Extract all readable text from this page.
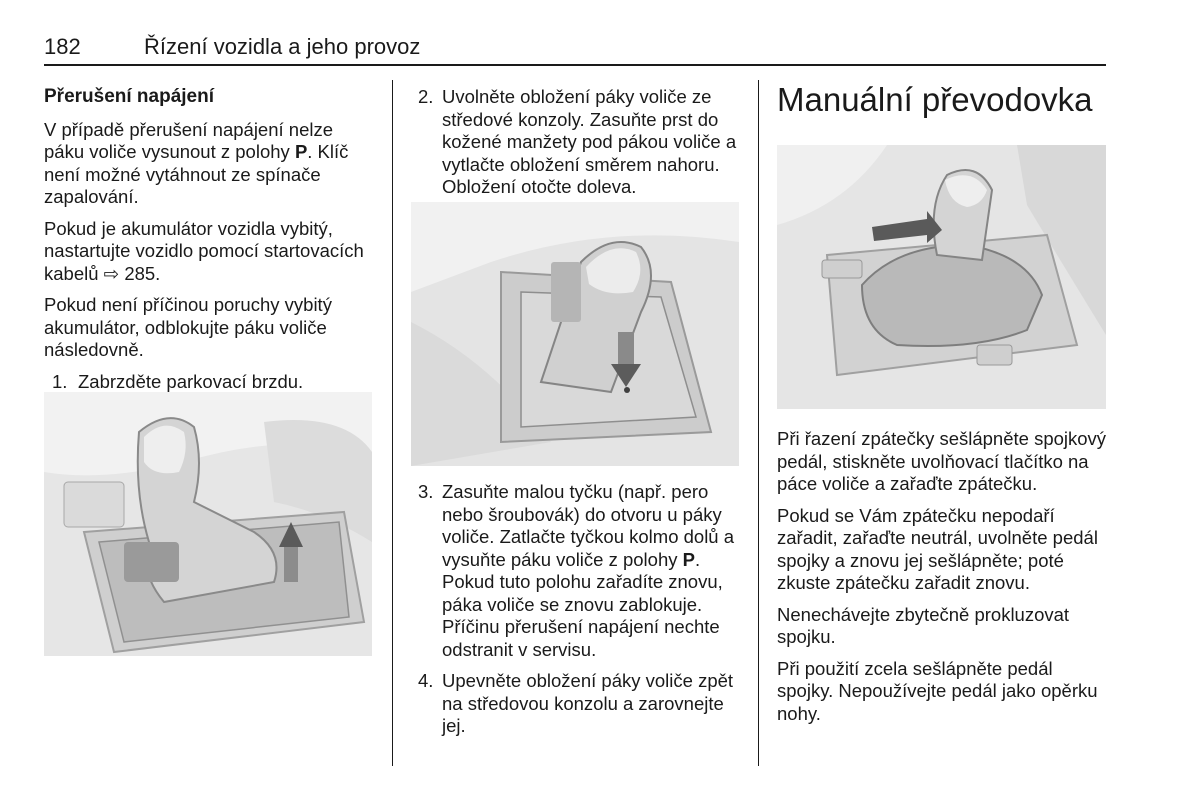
182	Řízení vozidla a jeho provoz
Přerušení napájení

V případě přerušení napájení nelze páku voliče vysunout z polohy P. Klíč není možné vytáhnout ze spínače zapalování.

Pokud je akumulátor vozidla vybitý, nastartujte vozidlo pomocí startovacích kabelů ⇨ 285.

Pokud není příčinou poruchy vybitý akumulátor, odblokujte páku voliče následovně.

1. Zabrzděte parkovací brzdu.
2. Uvolněte obložení páky voliče ze středové konzoly. Zasuňte prst do kožené manžety pod pákou voliče a vytlačte obložení směrem nahoru. Obložení otočte doleva.
3. Zasuňte malou tyčku (např. pero nebo šroubovák) do otvoru u páky voliče. Zatlačte tyčkou kolmo dolů a vysuňte páku voliče z polohy P. Pokud tuto polohu zařadíte znovu, páka voliče se znovu zablokuje. Příčinu přerušení napájení nechte odstranit v servisu.
4. Upevněte obložení páky voliče zpět na středovou konzolu a zarovnejte jej.
Manuální převodovka

Při řazení zpátečky sešlápněte spojkový pedál, stiskněte uvolňovací tlačítko na páce voliče a zařaďte zpátečku.

Pokud se Vám zpátečku nepodaří zařadit, zařaďte neutrál, uvolněte pedál spojky a znovu jej sešlápněte; poté zkuste zpátečku zařadit znovu.

Nenechávejte zbytečně prokluzovat spojku.

Při použití zcela sešlápněte pedál spojky. Nepoužívejte pedál jako opěrku nohy.
